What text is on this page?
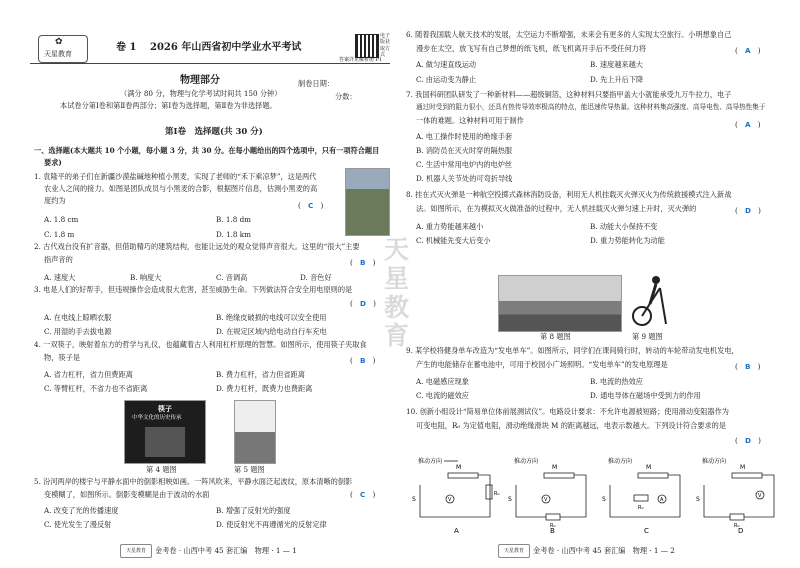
✿
天星教育
卷 1 2026 年山西省初中学业水平考试
电子版获取方式
答案详见解析册 P1
物理部分	制卷日期：
（满分 80 分，物理与化学考试时间共 150 分钟）
本试卷分第Ⅰ卷和第Ⅱ卷两部分；第Ⅰ卷为选择题，第Ⅱ卷为非选择题。
分数：
第Ⅰ卷　选择题(共 30 分)
一、选择题(本大题共 10 个小题，每小题 3 分，共 30 分。在每小题给出的四个选项中，只有一项符合题目
要求)
1. 袁隆平的弟子们在新疆沙漠盐碱地种植小黑麦，实现了老师的“禾下乘凉梦”，这是两代
农业人之间的接力。如图是团队成员与小黑麦的合影，根据图片信息，估测小黑麦的高
度约为
(　C　)
A. 1.8 cm	B. 1.8 dm
C. 1.8 m	D. 1.8 km
2. 古代戏台没有扩音器，但借助精巧的建筑结构，也能让远处的观众觉得声音很大。这里的“很大”主要
指声音的	(　B　)
A. 速度大	B. 响度大	C. 音调高	D. 音色好
3. 电是人们的好帮手，但违规操作会造成很大危害，甚至威胁生命。下列做法符合安全用电原则的是
(　D　)
A. 在电线上晾晒衣服	B. 绝缘皮破损的电线可以安全使用
C. 用湿的手去拔电源	D. 在规定区域内给电动自行车充电
4. 一双筷子，映射着东方的哲学与礼仪，也蕴藏着古人利用杠杆原理的智慧。如图所示，使用筷子夹取食
物，筷子是	(　B　)
A. 省力杠杆，省力但费距离	B. 费力杠杆，省力但省距离
C. 等臂杠杆，不省力也不省距离	D. 费力杠杆，既费力也费距离
筷子
中华文化的历史传承
第 4 题图	第 5 题图
5. 汾河两岸的楼宇与平静水面中的倒影相映如画。一阵风吹来，平静水面泛起波纹，原本清晰的倒影
变模糊了，如图所示。倒影变模糊是由于波动的水面	(　C　)
A. 改变了光的传播速度	B. 增强了反射光的强度
C. 使光发生了漫反射	D. 使反射光不再遵循光的反射定律
天星教育	金考卷 · 山西中考 45 套汇编　物理 · 1 — 1
6. 随着我国载人航天技术的发展，太空运力不断增强，未来会有更多的人实现太空旅行。小明想象自己
漫步在太空，放飞写有自己梦想的纸飞机，纸飞机离开手后不受任何力将	(　A　)
A. 做匀速直线运动	B. 速度越来越大
C. 由运动变为静止	D. 先上升后下降
7. 我国科研团队研发了一种新材料——超级铜箔，这种材料只要指甲盖大小就能承受九万牛拉力，电子
通过时受到的阻力很小，还具有热传导效率极高的特点，能迅速传导热量。这种材料集高强度、高导电性、高导热性集于
一体的难题。这种材料可用于制作	(　A　)
A. 电工操作时使用的绝缘手套
B. 消防员在灭火时穿的隔热服
C. 生活中常用电炉内的电炉丝
D. 机器人关节处的可弯折导线
8. 挂在式灭火弹是一种航空投掷式森林消防设备，利用无人机挂载灭火弹灭火为传统救援模式注入新战
法。如图所示，在为模拟灭火做准备的过程中，无人机挂载灭火弹匀速上升时，灭火弹的	(　D　)
A. 重力势能越来越小	B. 动能大小保持不变
C. 机械能先变大后变小	D. 重力势能转化为动能
第 8 题图	第 9 题图
9. 某学校将健身单车改造为“发电单车”。如图所示，同学们在课间骑行时，转动的车轮带动发电机发电，
产生的电能储存在蓄电池中，可用于校园小广场照明。“发电单车”的发电原理是	(　B　)
A. 电磁感应现象	B. 电流的热效应
C. 电流的磁效应	D. 通电导体在磁场中受到力的作用
10. 创新小组设计“简易单位体前展测试仪”。电路设计要求：不允许电源被短路；使用滑动变阻器作为
可变电阻，R₀ 为定值电阻，滑动绝缘滑块 M 的距离越远，电表示数越大。下列设计符合要求的是
(　D　)
推动方向
M
V
R₀
S
A
推动方向
M
V
R₀
S
B
推动方向
M
A
R₀
S
C
推动方向
M
V
R₀
S
D
天星教育	金考卷 · 山西中考 45 套汇编　物理 · 1 — 2
天星教育
